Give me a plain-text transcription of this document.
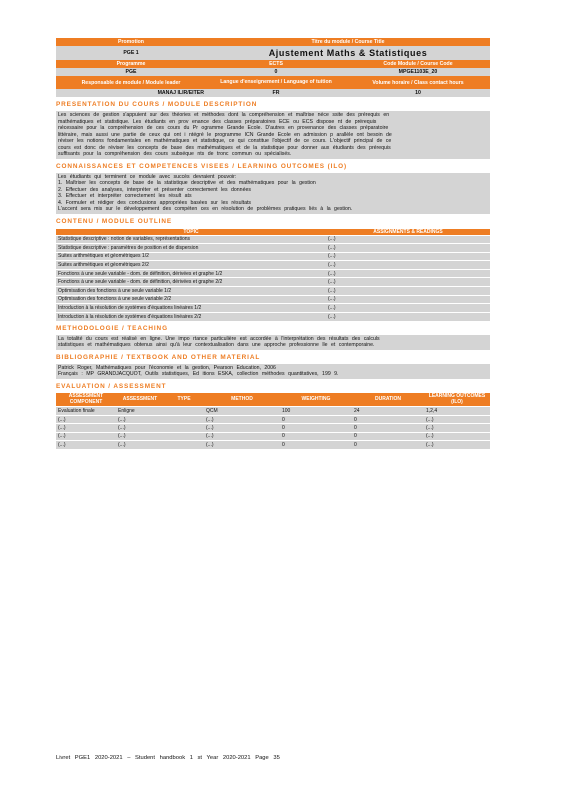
Promotion	Titre du module / Course Title
PGE 1	Ajustement Maths & Statistiques
Programme	ECTS	Code Module / Course Code
PGE	0	MPGE1103E_20
Responsable de module / Module leader	Langue d'enseignement / Language of tuition	Volume horaire / Class contact hours
MANAJ ILIR/EITER	FR	10
PRESENTATION DU COURS / MODULE DESCRIPTION
Les sciences de gestion s'appuient sur des théories et méthodes dont la compréhension et maîtrise néce ssite des prérequis en
mathématiques et statistique. Les étudiants en prov enance des classes préparatoires ECE ou ECS dispose nt de prérequis
nécessaire pour la compréhension de ces cours du Pr ogramme Grande Ecole. D'autres en provenance des classes préparatoire
littéraire, mais aussi une partie de ceux qui ont i ntégré le programme ICN Grande Ecole en admission p arallèle ont besoin de
réviser les notions fondamentales en mathématiques et statistique, ce qui constitue l'objectif de ce cours. L'objectif principal de ce
cours est donc de réviser les concepts de base des mathématiques et de la statistique pour donner aux étudiants des prérequis
suffisants pour la compréhension des cours subséque nts de tronc commun ou spécialisés.
CONNAISSANCES ET COMPETENCES VISEES / LEARNING OUTCOMES (ILO)
Les étudiants qui terminent ce module avec succès devraient pouvoir:
1. Maîtriser les concepts de base de la statistique descriptive et des mathématiques pour la gestion
2. Effectuer des analyses, interpréter et présenter correctement les données
3. Effectuer et interpréter correctement les résult ats
4. Formuler et rédiger des conclusions appropriées basées sur les résultats
L'accent sera mis sur le développement des compéten ces en résolution de problèmes pratiques liés à la gestion.
CONTENU / MODULE OUTLINE
TOPIC	ASSIGNMENTS & READINGS
Statistique descriptive : notion de variables, représentations	(...)
Statistique descriptive : paramètres de position et de dispersion	(...)
Suites arithmétiques et géométriques 1/2	(...)
Suites arithmétiques et géométriques 2/2	(...)
Fonctions à une seule variable - dom. de définition, dérivées et graphe 1/2	(...)
Fonctions à une seule variable - dom. de définition, dérivées et graphe 2/2	(...)
Optimisation des fonctions à une seule variable 1/2	(...)
Optimisation des fonctions à une seule variable 2/2	(...)
Introduction à la résolution de systèmes d'équations linéaires 1/2	(...)
Introduction à la résolution de systèmes d'équations linéaires 2/2	(...)
METHODOLOGIE / TEACHING
La totalité du cours est réalisé en ligne. Une impo rtance particulière est accordée à l'interprétation des résultats des calculs
statistiques et mathématiques obtenus ainsi qu'à leur contextualisation dans une approche professionne lle et contemporaine.
BIBLIOGRAPHIE / TEXTBOOK AND OTHER MATERIAL
Patrick Roger, Mathématiques pour l'économie et la gestion, Pearson Education, 2006
Français : MP GRANDJACQUOT, Outils statistiques, Éd itions ESKA, collection méthodes quantitatives, 199 9.
EVALUATION / ASSESSMENT
ASSESSMENT COMPONENT	ASSESSMENT	TYPE	METHOD	WEIGHTING	DURATION	LEARNING OUTCOMES (ILO)
Evaluation finale	Enligne		QCM	100	24	1,2,4
(...)	(...)		(...)	0	0	(...)
(...)	(...)		(...)	0	0	(...)
(...)	(...)		(...)	0	0	(...)
(...)	(...)		(...)	0	0	(...)
Livret PGE1 2020-2021 – Student handbook 1 st Year 2020-2021 Page 35
